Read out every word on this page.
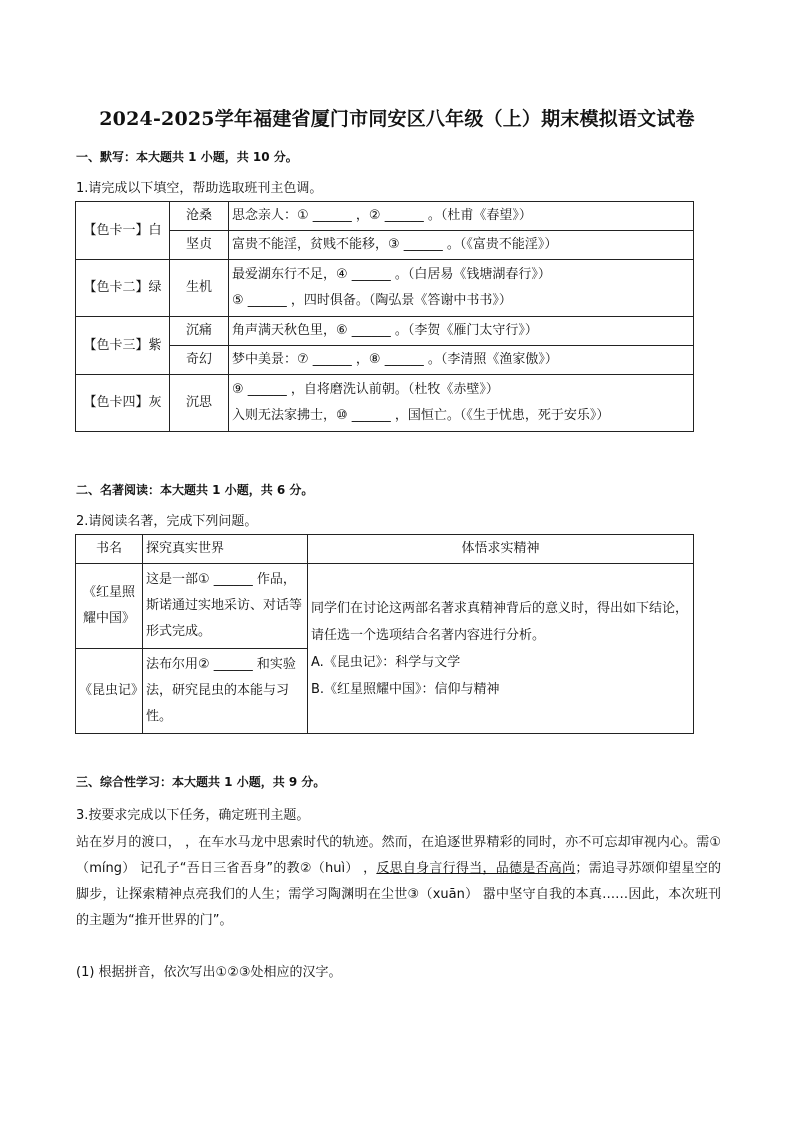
2024-2025学年福建省厦门市同安区八年级（上）期末模拟语文试卷
一、默写：本大题共 1 小题，共 10 分。
1.请完成以下填空，帮助选取班刊主色调。
【色卡一】白	沧桑	思念亲人：① ______ ，② ______ 。（杜甫《春望》）
	坚贞	富贵不能淫，贫贱不能移，③ ______ 。（《富贵不能淫》）
【色卡二】绿	生机	最爱湖东行不足，④ ______ 。（白居易《钱塘湖春行》）
⑤ ______ ，四时俱备。（陶弘景《答谢中书书》）

【色卡三】紫	沉痛	角声满天秋色里，⑥ ______ 。（李贺《雁门太守行》）
	奇幻	梦中美景：⑦ ______ ，⑧ ______ 。（李清照《渔家傲》）
【色卡四】灰	沉思	⑨ ______ ，自将磨洗认前朝。（杜牧《赤壁》）
入则无法家拂士，⑩ ______ ，国恒亡。（《生于忧患，死于安乐》）
二、名著阅读：本大题共 1 小题，共 6 分。
2.请阅读名著，完成下列问题。
书名	探究真实世界	体悟求实精神
《红星照耀中国》	这是一部① ______ 作品，斯诺通过实地采访、对话等形式完成。	同学们在讨论这两部名著求真精神背后的意义时，得出如下结论，请任选一个选项结合名著内容进行分析。
A.《昆虫记》：科学与文学
B.《红星照耀中国》：信仰与精神

《昆虫记》	法布尔用② ______ 和实验法，研究昆虫的本能与习性。	
三、综合性学习：本大题共 1 小题，共 9 分。
3.按要求完成以下任务，确定班刊主题。
站在岁月的渡口， ，在车水马龙中思索时代的轨迹。然而，在追逐世界精彩的同时，亦不可忘却审视内心。需①（míng） 记孔子“吾日三省吾身”的教②（huì） ，反思自身言行得当，品德是否高尚；需追寻苏颂仰望星空的脚步，让探索精神点亮我们的人生；需学习陶渊明在尘世③（xuān） 嚣中坚守自我的本真……因此，本次班刊的主题为“推开世界的门”。
(1) 根据拼音，依次写出①②③处相应的汉字。
